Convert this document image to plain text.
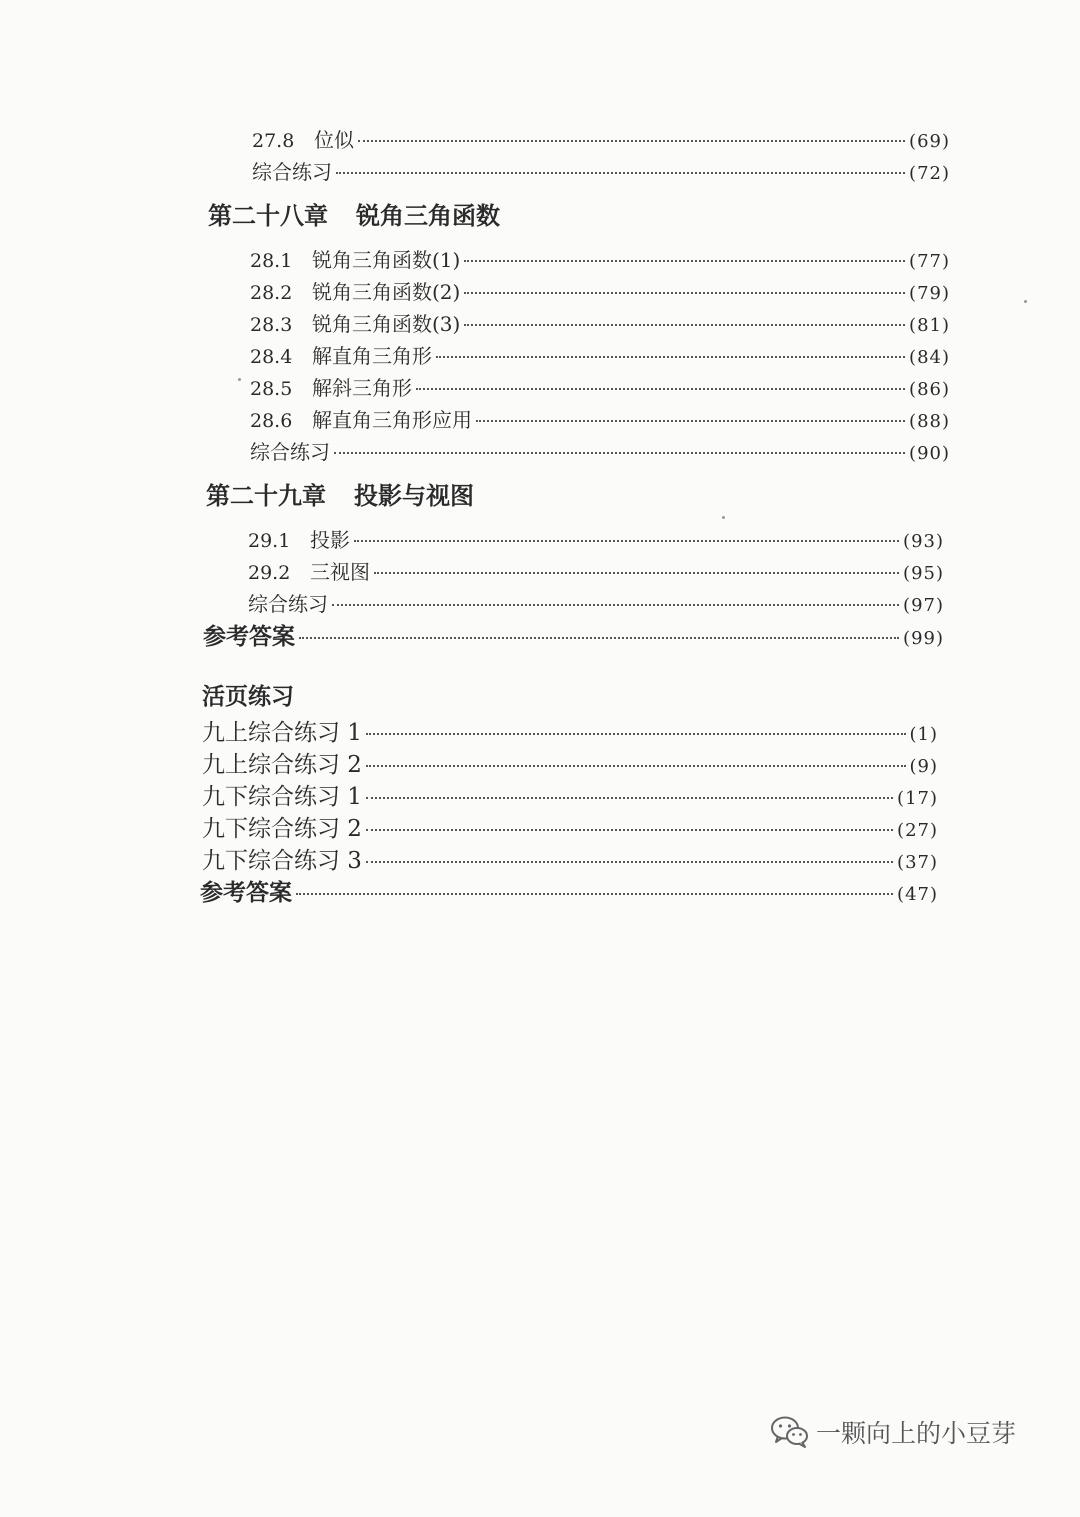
27.8 位似	(69)
综合练习	(72)
第二十八章 锐角三角函数
28.1 锐角三角函数(1)	(77)
28.2 锐角三角函数(2)	(79)
28.3 锐角三角函数(3)	(81)
28.4 解直角三角形	(84)
28.5 解斜三角形	(86)
28.6 解直角三角形应用	(88)
综合练习	(90)
第二十九章 投影与视图
29.1 投影	(93)
29.2 三视图	(95)
综合练习	(97)
参考答案	(99)
活页练习
九上综合练习 1	(1)
九上综合练习 2	(9)
九下综合练习 1	(17)
九下综合练习 2	(27)
九下综合练习 3	(37)
参考答案	(47)
一颗向上的小豆芽
